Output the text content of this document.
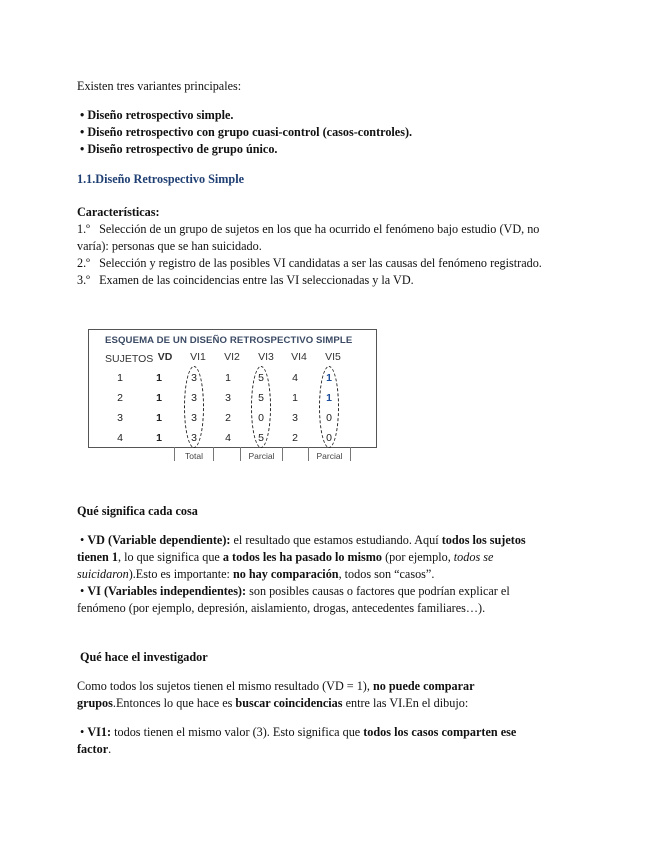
Existen tres variantes principales:
• Diseño retrospectivo simple.
• Diseño retrospectivo con grupo cuasi-control (casos-controles).
• Diseño retrospectivo de grupo único.
1.1.Diseño Retrospectivo Simple
Características:
1.º Selección de un grupo de sujetos en los que ha ocurrido el fenómeno bajo estudio (VD, no
varía): personas que se han suicidado.
2.º Selección y registro de las posibles VI candidatas a ser las causas del fenómeno registrado.
3.º Examen de las coincidencias entre las VI seleccionadas y la VD.
ESQUEMA DE UN DISEÑO RETROSPECTIVO SIMPLE
SUJETOS VD	VI1	VI2	VI3	VI4	VI5
1	1	3	1	5	4	1
2	1	3	3	5	1	1
3	1	3	2	0	3	0
4	1	3	4	5	2	0
Total	Parcial	Parcial
Qué significa cada cosa
• VD (Variable dependiente): el resultado que estamos estudiando. Aquí todos los sujetos
tienen 1, lo que significa que a todos les ha pasado lo mismo (por ejemplo, todos se
suicidaron).Esto es importante: no hay comparación, todos son “casos”.
• VI (Variables independientes): son posibles causas o factores que podrían explicar el
fenómeno (por ejemplo, depresión, aislamiento, drogas, antecedentes familiares…).
Qué hace el investigador
Como todos los sujetos tienen el mismo resultado (VD = 1), no puede comparar
grupos.Entonces lo que hace es buscar coincidencias entre las VI.En el dibujo:
• VI1: todos tienen el mismo valor (3). Esto significa que todos los casos comparten ese
factor.
